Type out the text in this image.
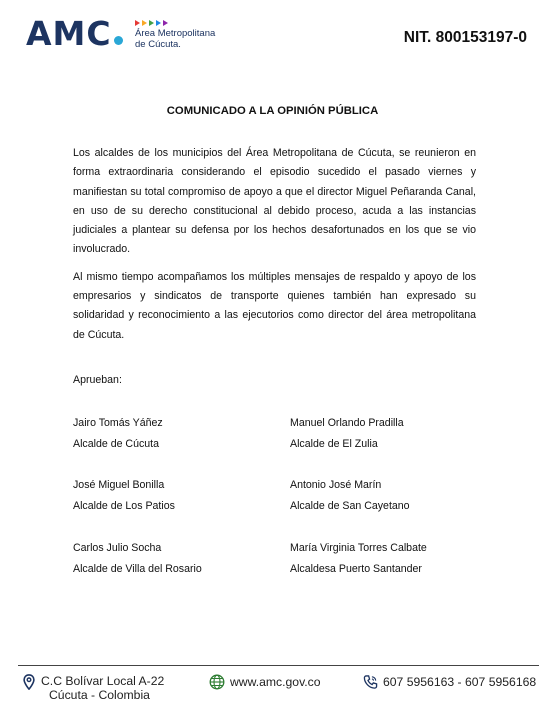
AMC	Área Metropolitana
de Cúcuta.	NIT. 800153197-0
COMUNICADO A LA OPINIÓN PÚBLICA

Los alcaldes de los municipios del Área Metropolitana de Cúcuta, se reunieron en forma extraordinaria considerando el episodio sucedido el pasado viernes y manifiestan su total compromiso de apoyo a que el director Miguel Peñaranda Canal, en uso de su derecho constitucional al debido proceso, acuda a las instancias judiciales a plantear su defensa por los hechos desafortunados en los que se vio involucrado.

Al mismo tiempo acompañamos los múltiples mensajes de respaldo y apoyo de los empresarios y sindicatos de transporte quienes también han expresado su solidaridad y reconocimiento a las ejecutorios como director del área metropolitana de Cúcuta.

Aprueban:
Jairo Tomás Yáñez
Alcalde de Cúcuta
Manuel Orlando Pradilla
Alcalde de El Zulia
José Miguel Bonilla
Alcalde de Los Patios
Antonio José Marín
Alcalde de San Cayetano
Carlos Julio Socha
Alcalde de Villa del Rosario
María Virginia Torres Calbate
Alcaldesa Puerto Santander
C.C Bolívar Local A-22
Cúcuta - Colombia
www.amc.gov.co	607 5956163 - 607 5956168
